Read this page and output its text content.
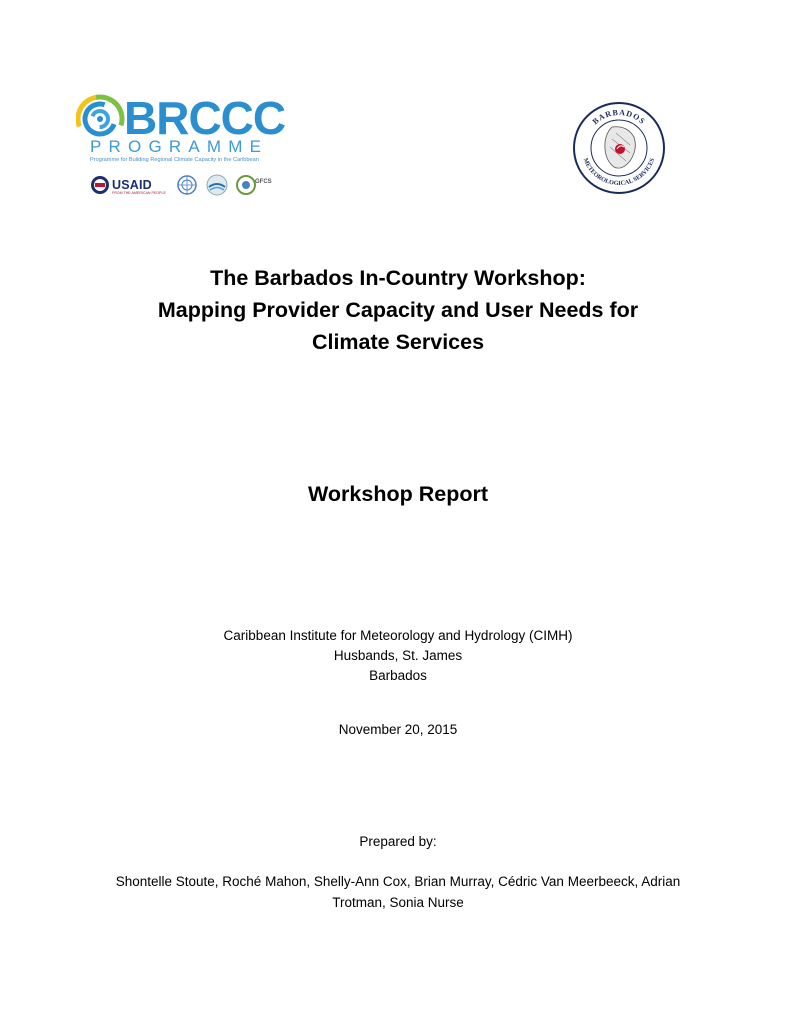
BRCCC
PROGRAMME
Programme for Building Regional Climate Capacity in the Caribbean
USAID
FROM THE AMERICAN PEOPLE
GFCS
BARBADOS
METEOROLOGICAL SERVICES
The Barbados In-Country Workshop:
Mapping Provider Capacity and User Needs for
Climate Services
Workshop Report
Caribbean Institute for Meteorology and Hydrology (CIMH)
Husbands, St. James
Barbados
November 20, 2015
Prepared by:
Shontelle Stoute, Roché Mahon, Shelly-Ann Cox, Brian Murray, Cédric Van Meerbeeck, Adrian
Trotman, Sonia Nurse
